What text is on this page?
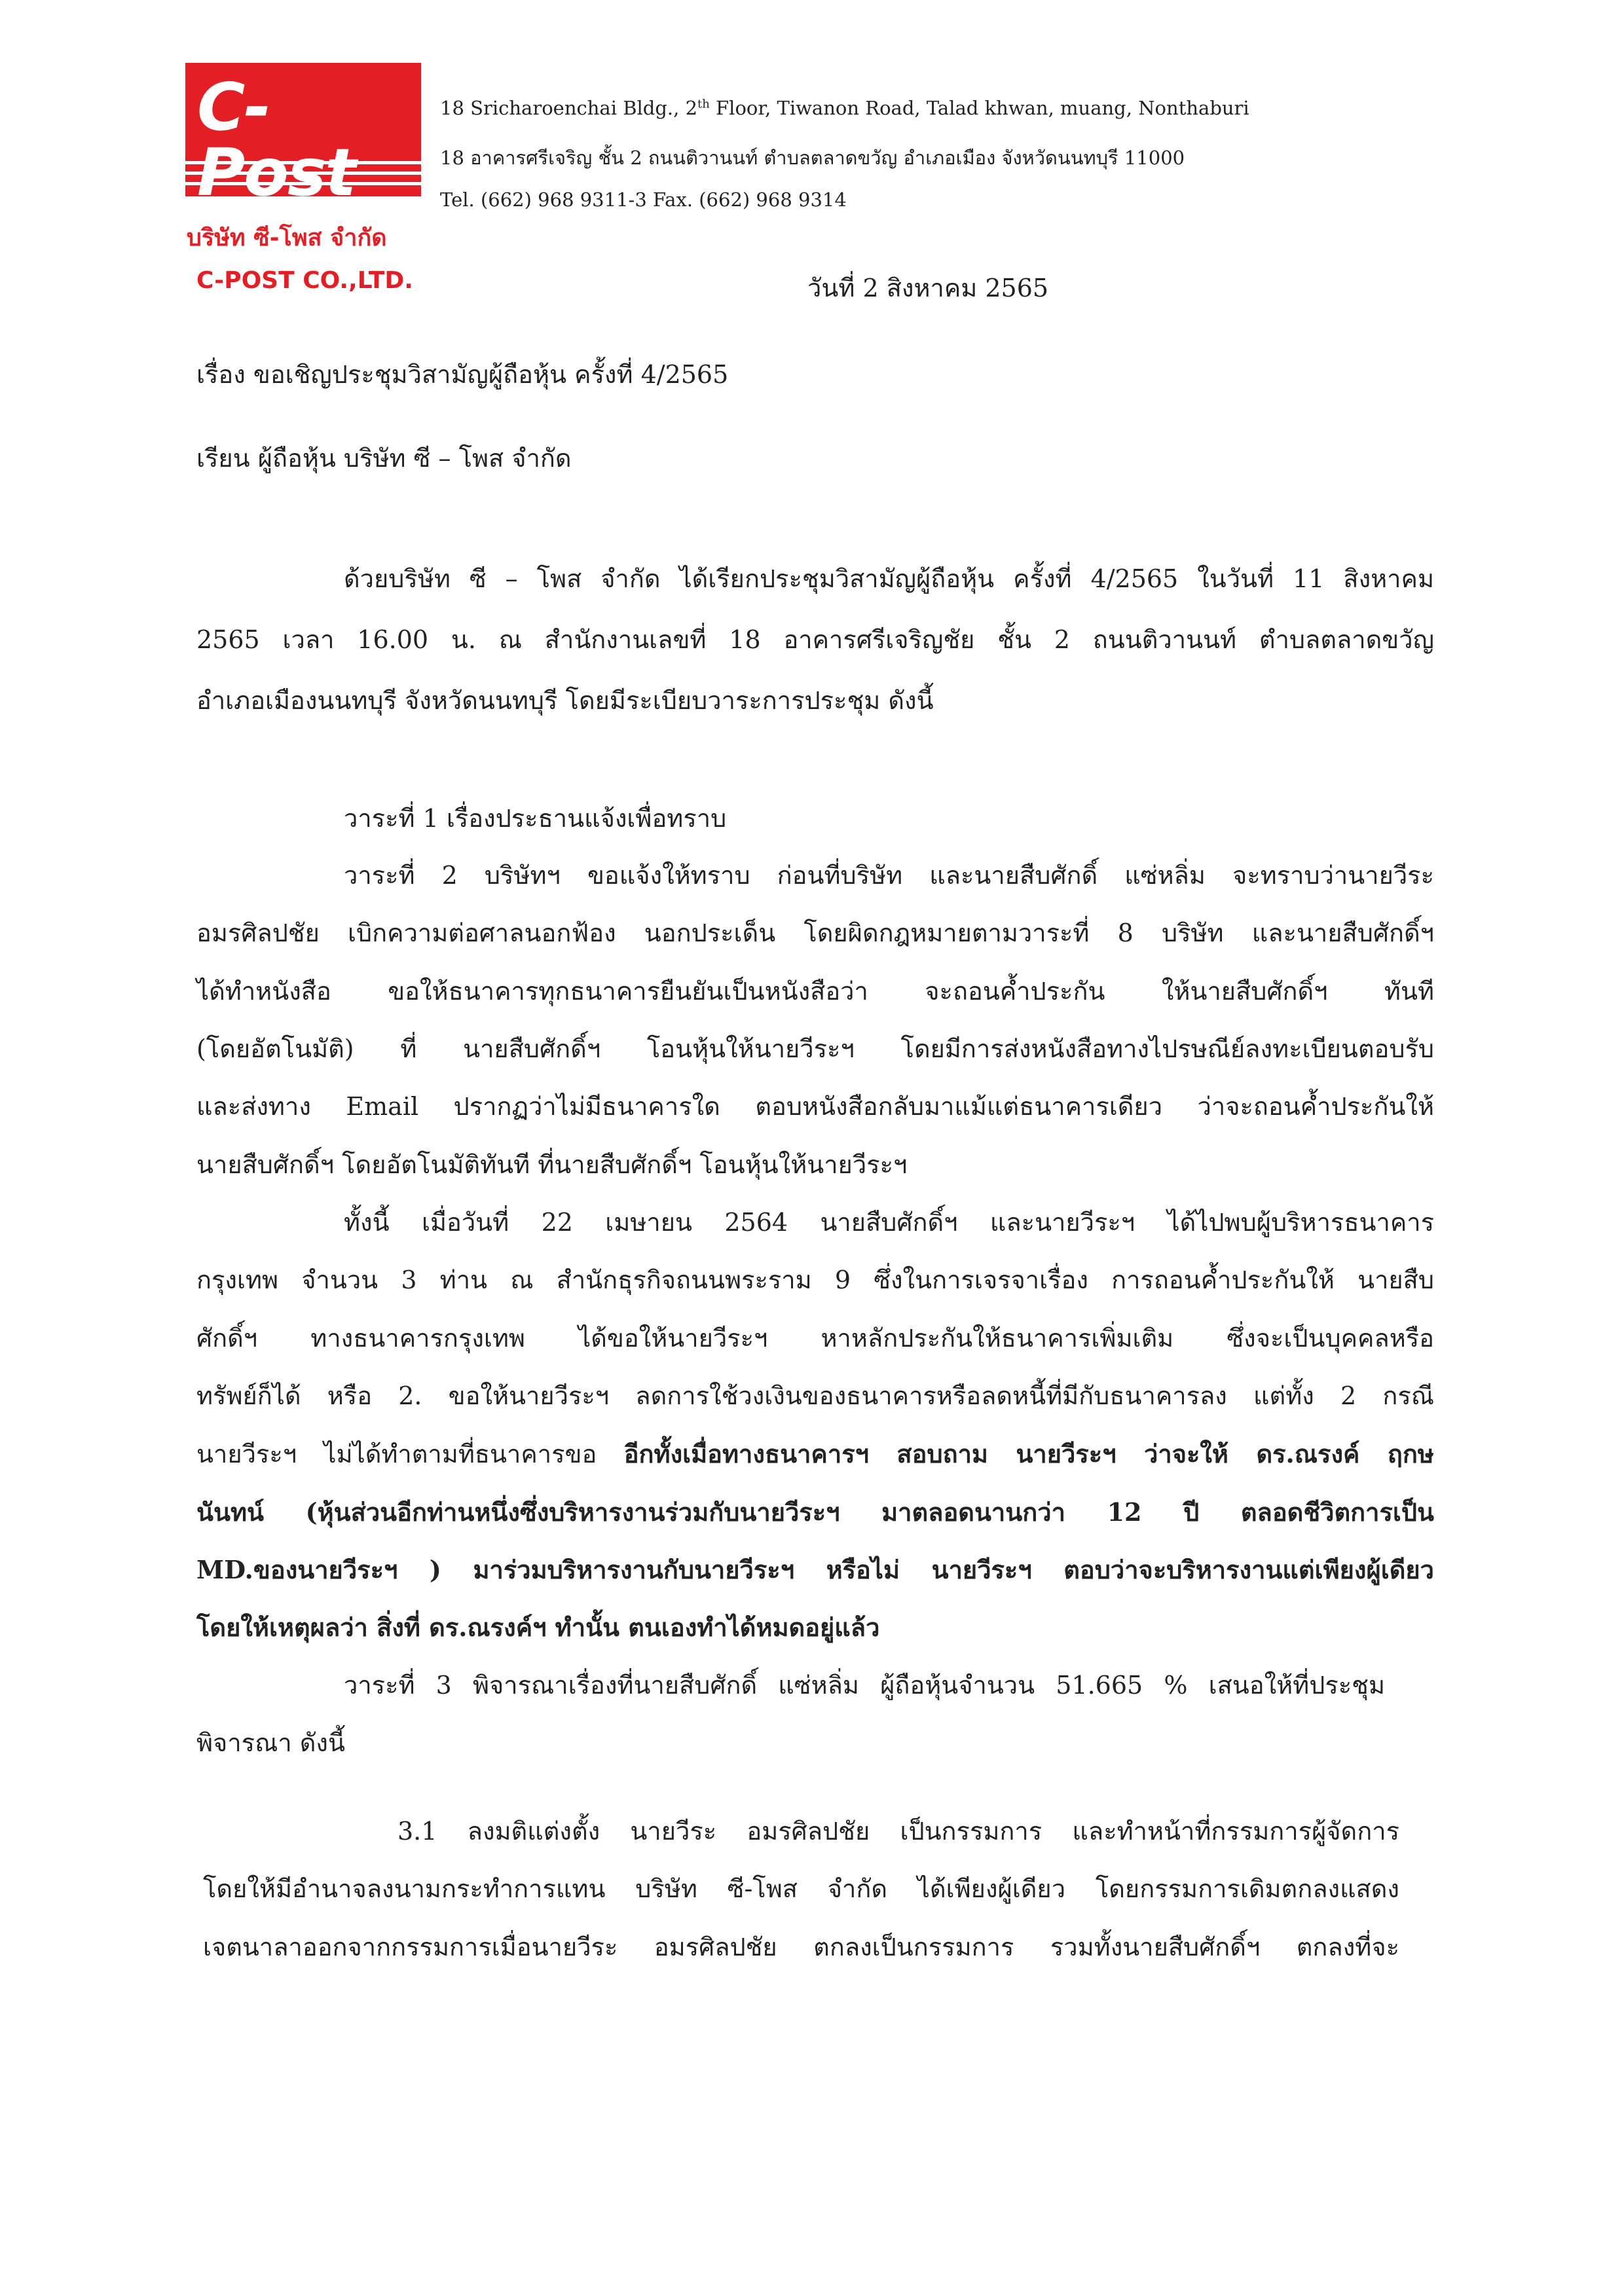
C-Post
บริษัท ซี-โพส จำกัด
C-POST CO.,LTD.
18 Sricharoenchai Bldg., 2th Floor, Tiwanon Road, Talad khwan, muang, Nonthaburi
18 อาคารศรีเจริญ ชั้น 2 ถนนติวานนท์ ตำบลตลาดขวัญ อำเภอเมือง จังหวัดนนทบุรี 11000
Tel. (662) 968 9311-3 Fax. (662) 968 9314
วันที่ 2 สิงหาคม 2565
เรื่อง ขอเชิญประชุมวิสามัญผู้ถือหุ้น ครั้งที่ 4/2565
เรียน ผู้ถือหุ้น บริษัท ซี – โพส จำกัด
ด้วยบริษัท ซี – โพส จำกัด ได้เรียกประชุมวิสามัญผู้ถือหุ้น ครั้งที่ 4/2565 ในวันที่ 11 สิงหาคม
2565 เวลา 16.00 น. ณ สำนักงานเลขที่ 18 อาคารศรีเจริญชัย ชั้น 2 ถนนติวานนท์ ตำบลตลาดขวัญ
อำเภอเมืองนนทบุรี จังหวัดนนทบุรี โดยมีระเบียบวาระการประชุม ดังนี้
วาระที่ 1 เรื่องประธานแจ้งเพื่อทราบ
วาระที่ 2 บริษัทฯ ขอแจ้งให้ทราบ ก่อนที่บริษัท และนายสืบศักดิ์ แซ่หลิ่ม จะทราบว่านายวีระ
อมรศิลปชัย เบิกความต่อศาลนอกฟ้อง นอกประเด็น โดยผิดกฎหมายตามวาระที่ 8 บริษัท และนายสืบศักดิ์ฯ
ได้ทำหนังสือ ขอให้ธนาคารทุกธนาคารยืนยันเป็นหนังสือว่า จะถอนค้ำประกัน ให้นายสืบศักดิ์ฯ ทันที
(โดยอัตโนมัติ) ที่ นายสืบศักดิ์ฯ โอนหุ้นให้นายวีระฯ โดยมีการส่งหนังสือทางไปรษณีย์ลงทะเบียนตอบรับ
และส่งทาง Email ปรากฏว่าไม่มีธนาคารใด ตอบหนังสือกลับมาแม้แต่ธนาคารเดียว ว่าจะถอนค้ำประกันให้
นายสืบศักดิ์ฯ โดยอัตโนมัติทันที ที่นายสืบศักดิ์ฯ โอนหุ้นให้นายวีระฯ
ทั้งนี้ เมื่อวันที่ 22 เมษายน 2564 นายสืบศักดิ์ฯ และนายวีระฯ ได้ไปพบผู้บริหารธนาคาร
กรุงเทพ จำนวน 3 ท่าน ณ สำนักธุรกิจถนนพระราม 9 ซึ่งในการเจรจาเรื่อง การถอนค้ำประกันให้ นายสืบ
ศักดิ์ฯ ทางธนาคารกรุงเทพ ได้ขอให้นายวีระฯ หาหลักประกันให้ธนาคารเพิ่มเติม ซึ่งจะเป็นบุคคลหรือ
ทรัพย์ก็ได้ หรือ 2. ขอให้นายวีระฯ ลดการใช้วงเงินของธนาคารหรือลดหนี้ที่มีกับธนาคารลง แต่ทั้ง 2 กรณี
นายวีระฯ ไม่ได้ทำตามที่ธนาคารขอ อีกทั้งเมื่อทางธนาคารฯ สอบถาม นายวีระฯ ว่าจะให้ ดร.ณรงค์ ฤกษ
นันทน์ (หุ้นส่วนอีกท่านหนึ่งซึ่งบริหารงานร่วมกับนายวีระฯ มาตลอดนานกว่า 12 ปี ตลอดชีวิตการเป็น
MD.ของนายวีระฯ ) มาร่วมบริหารงานกับนายวีระฯ หรือไม่ นายวีระฯ ตอบว่าจะบริหารงานแต่เพียงผู้เดียว
โดยให้เหตุผลว่า สิ่งที่ ดร.ณรงค์ฯ ทำนั้น ตนเองทำได้หมดอยู่แล้ว
วาระที่ 3 พิจารณาเรื่องที่นายสืบศักดิ์ แซ่หลิ่ม ผู้ถือหุ้นจำนวน 51.665 % เสนอให้ที่ประชุม
พิจารณา ดังนี้
3.1 ลงมติแต่งตั้ง นายวีระ อมรศิลปชัย เป็นกรรมการ และทำหน้าที่กรรมการผู้จัดการ
โดยให้มีอำนาจลงนามกระทำการแทน บริษัท ซี-โพส จำกัด ได้เพียงผู้เดียว โดยกรรมการเดิมตกลงแสดง
เจตนาลาออกจากกรรมการเมื่อนายวีระ อมรศิลปชัย ตกลงเป็นกรรมการ รวมทั้งนายสืบศักดิ์ฯ ตกลงที่จะ
